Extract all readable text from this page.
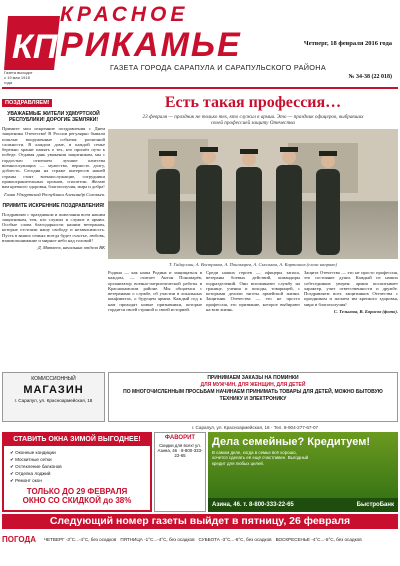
КП
КРАСНОЕ
РИКАМЬЕ
ГАЗЕТА ГОРОДА САРАПУЛА И САРАПУЛЬСКОГО РАЙОНА
Четверг, 18 февраля 2016 года
Газета выходит с 19 мая 1918 года
№ 34-38 (22 018)
ПОЗДРАВЛЯЕМ!
УВАЖАЕМЫЕ ЖИТЕЛИ УДМУРТСКОЙ РЕСПУБЛИКИ! ДОРОГИЕ ЗЕМЛЯКИ!
Примите мои искренние поздравления с Днем защитника Отечества! В России регулярно бывали пошлые вооруженные события различной сложности. В каждом доме, в каждой семье бережно хранят память о тех, кто прошёл пути к победе. Отдавая дань уважения защитникам, мы с гордостью отмечаем лучшие качества военнослужащих — мужество, верность долгу, доблесть. Сегодня на страже интересов нашей страны стоят военнослужащие, сотрудники правоохранительных органов, спасатели. Желаю вам крепкого здоровья, благополучия, мира и добра!
Глава Удмуртской Республики Александр Соловьев.
ПРИМИТЕ ИСКРЕННИЕ ПОЗДРАВЛЕНИЯ!
Поздравляю с праздником и пожелания всем нашим защитникам, тем, кто служил и служит в армии. Особые слова благодарности нашим ветеранам, которые отстояли нашу свободу и независимость. Пусть в ваших семьях всегда будет счастье, любовь, взаимопонимание и мирное небо над головой!
Д. Матвеев, начальник отдела ВК
Есть такая профессия…
23 февраля — праздник не только тех, кто служил в армии. Это — праздник офицеров, выбравших своей профессией защиту Отечества
Т. Гайнуллин, А. Востриков, А. Пономарев, А. Смольков, А. Карташов (слева направо)
Родина — как наша Родина и защищаться в каждом, — считает Антон Пономарёв, организатор военно-патриотической работы в Краснокамском районе. Мы общаемся с ветеранами о службе, об участии в локальных конфликтах, о будущем армии. Каждый год к нам приходят новые призывники, которые гордятся своей страной и своей историей.
Среди наших героев — офицеры запаса, ветераны боевых действий, командиры подразделений. Они вспоминают службу на границе, учения и походы, товарищей, с которыми делили тяготы армейской жизни. Защитник Отечества — это не просто профессия, это призвание, которое выбирают на всю жизнь.
Защита Отечества — это не просто профессия, это состояние души. Каждый из наших собеседников уверен: армия воспитывает характер, учит ответственности и дружбе. Поздравляем всех защитников Отечества с праздником и желаем им крепкого здоровья, мира и благополучия!
С. Тельнова, В. Борисов (фото).
КОМИССИОННЫЙ
МАГАЗИН
г. Сарапул, ул. Красноармейская, 18
ПРИНИМАЕМ ЗАКАЗЫ НА ПОМИНКИ
ДЛЯ МУЖЧИН, ДЛЯ ЖЕНЩИН, ДЛЯ ДЕТЕЙ
ПО МНОГОЧИСЛЕННЫМ ПРОСЬБАМ НАЧИНАЕМ ПРИНИМАТЬ ТОВАРЫ ДЛЯ ДЕТЕЙ, МОЖНО БЫТОВУЮ ТЕХНИКУ И ЭЛЕКТРОНИКУ
г. Сарапул, ул. Красноармейская, 18 · Тел. 8-904-277-67-07
СТАВИТЬ ОКНА ЗИМОЙ ВЫГОДНЕЕ!
✔ Оконные кондиции
✔ Москитные сетки
✔ Остекление балконов
✔ Отделка лоджий
✔ Ремонт окон
ТОЛЬКО ДО 29 ФЕВРАЛЯ
ОКНО СО СКИДКОЙ до 38%
ФАВОРИТ
Скидки для всех! ул. Азина, 46 · 8-800-333-22-65
Дела семейные? Кредитуем!
В самом деле, когда в семье всё хорошо, хочется сделать её ещё счастливее. Выгодный кредит для любых целей.
Азина, 46. т. 8-800-333-22-65	БыстроБанк
Следующий номер газеты выйдет в пятницу, 26 февраля
ПОГОДА ЧЕТВЕРГ -3°С...-4°С, без осадков ПЯТНИЦА -1°С...-4°С, без осадков СУББОТА -3°С...-6°С, без осадков ВОСКРЕСЕНЬЕ -4°С...-5°С, без осадков
